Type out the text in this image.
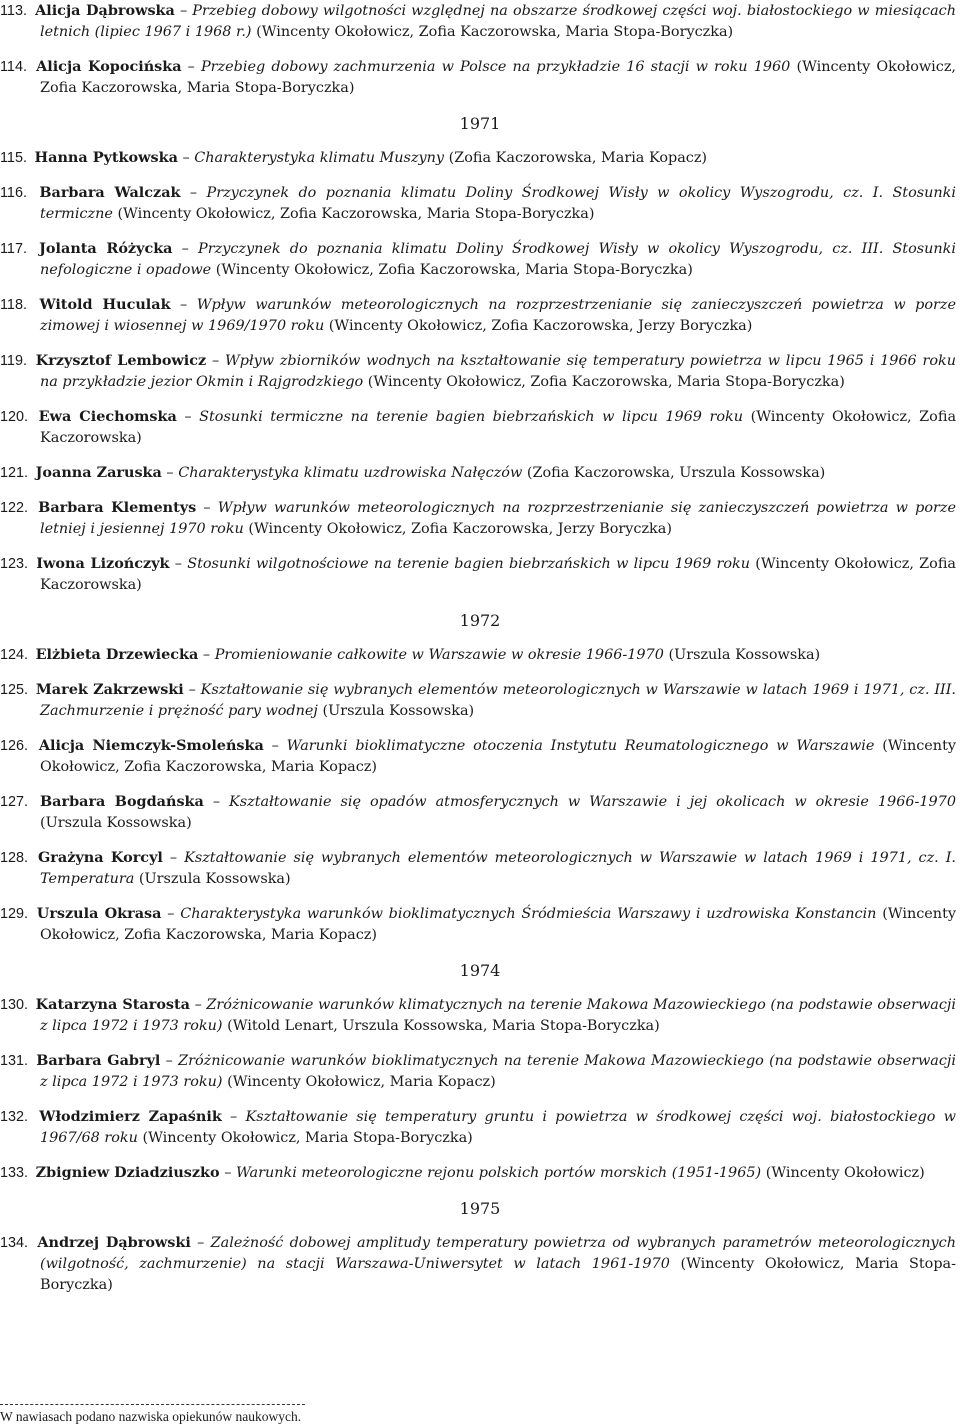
113. Alicja Dąbrowska – Przebieg dobowy wilgotności względnej na obszarze środkowej części woj. białostockiego w miesiącach letnich (lipiec 1967 i 1968 r.) (Wincenty Okołowicz, Zofia Kaczorowska, Maria Stopa-Boryczka)

114. Alicja Kopocińska – Przebieg dobowy zachmurzenia w Polsce na przykładzie 16 stacji w roku 1960 (Wincenty Okołowicz, Zofia Kaczorowska, Maria Stopa-Boryczka)

1971

115. Hanna Pytkowska – Charakterystyka klimatu Muszyny (Zofia Kaczorowska, Maria Kopacz)

116. Barbara Walczak – Przyczynek do poznania klimatu Doliny Środkowej Wisły w okolicy Wyszogrodu, cz. I. Stosunki termiczne (Wincenty Okołowicz, Zofia Kaczorowska, Maria Stopa-Boryczka)

117. Jolanta Różycka – Przyczynek do poznania klimatu Doliny Środkowej Wisły w okolicy Wyszogrodu, cz. III. Stosunki nefologiczne i opadowe (Wincenty Okołowicz, Zofia Kaczorowska, Maria Stopa-Boryczka)

118. Witold Huculak – Wpływ warunków meteorologicznych na rozprzestrzenianie się zanieczyszczeń powietrza w porze zimowej i wiosennej w 1969/1970 roku (Wincenty Okołowicz, Zofia Kaczorowska, Jerzy Boryczka)

119. Krzysztof Lembowicz – Wpływ zbiorników wodnych na kształtowanie się temperatury powietrza w lipcu 1965 i 1966 roku na przykładzie jezior Okmin i Rajgrodzkiego (Wincenty Okołowicz, Zofia Kaczorowska, Maria Stopa-Boryczka)

120. Ewa Ciechomska – Stosunki termiczne na terenie bagien biebrzańskich w lipcu 1969 roku (Wincenty Okołowicz, Zofia Kaczorowska)

121. Joanna Zaruska – Charakterystyka klimatu uzdrowiska Nałęczów (Zofia Kaczorowska, Urszula Kossowska)

122. Barbara Klementys – Wpływ warunków meteorologicznych na rozprzestrzenianie się zanieczyszczeń powietrza w porze letniej i jesiennej 1970 roku (Wincenty Okołowicz, Zofia Kaczorowska, Jerzy Boryczka)

123. Iwona Lizończyk – Stosunki wilgotnościowe na terenie bagien biebrzańskich w lipcu 1969 roku (Wincenty Okołowicz, Zofia Kaczorowska)

1972

124. Elżbieta Drzewiecka – Promieniowanie całkowite w Warszawie w okresie 1966-1970 (Urszula Kossowska)

125. Marek Zakrzewski – Kształtowanie się wybranych elementów meteorologicznych w Warszawie w latach 1969 i 1971, cz. III. Zachmurzenie i prężność pary wodnej (Urszula Kossowska)

126. Alicja Niemczyk-Smoleńska – Warunki bioklimatyczne otoczenia Instytutu Reumatologicznego w Warszawie (Wincenty Okołowicz, Zofia Kaczorowska, Maria Kopacz)

127. Barbara Bogdańska – Kształtowanie się opadów atmosferycznych w Warszawie i jej okolicach w okresie 1966-1970 (Urszula Kossowska)

128. Grażyna Korcyl – Kształtowanie się wybranych elementów meteorologicznych w Warszawie w latach 1969 i 1971, cz. I. Temperatura (Urszula Kossowska)

129. Urszula Okrasa – Charakterystyka warunków bioklimatycznych Śródmieścia Warszawy i uzdrowiska Konstancin (Wincenty Okołowicz, Zofia Kaczorowska, Maria Kopacz)

1974

130. Katarzyna Starosta – Zróżnicowanie warunków klimatycznych na terenie Makowa Mazowieckiego (na podstawie obserwacji z lipca 1972 i 1973 roku) (Witold Lenart, Urszula Kossowska, Maria Stopa-Boryczka)

131. Barbara Gabryl – Zróżnicowanie warunków bioklimatycznych na terenie Makowa Mazowieckiego (na podstawie obserwacji z lipca 1972 i 1973 roku) (Wincenty Okołowicz, Maria Kopacz)

132. Włodzimierz Zapaśnik – Kształtowanie się temperatury gruntu i powietrza w środkowej części woj. białostockiego w 1967/68 roku (Wincenty Okołowicz, Maria Stopa-Boryczka)

133. Zbigniew Dziadziuszko – Warunki meteorologiczne rejonu polskich portów morskich (1951-1965) (Wincenty Okołowicz)

1975

134. Andrzej Dąbrowski – Zależność dobowej amplitudy temperatury powietrza od wybranych parametrów meteorologicznych (wilgotność, zachmurzenie) na stacji Warszawa-Uniwersytet w latach 1961-1970 (Wincenty Okołowicz, Maria Stopa-Boryczka)

W nawiasach podano nazwiska opiekunów naukowych.
